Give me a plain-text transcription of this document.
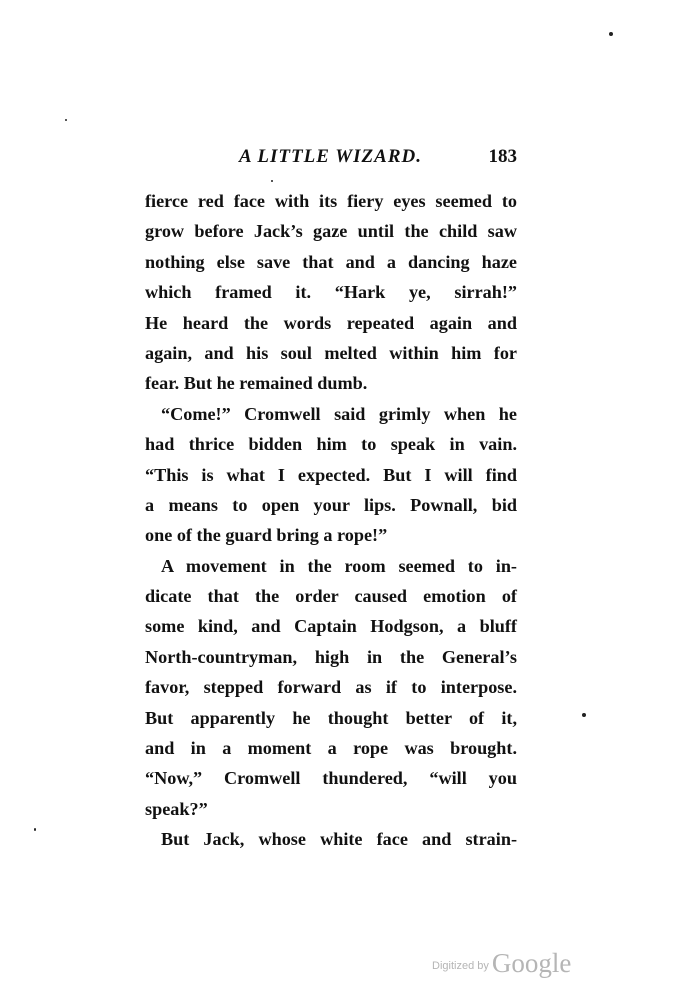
A LITTLE WIZARD.	183
fierce red face with its fiery eyes seemed to
grow before Jack’s gaze until the child saw
nothing else save that and a dancing haze
which framed it. “Hark ye, sirrah!”
He heard the words repeated again and
again, and his soul melted within him for
fear. But he remained dumb.
“Come!” Cromwell said grimly when he
had thrice bidden him to speak in vain.
“This is what I expected. But I will find
a means to open your lips. Pownall, bid
one of the guard bring a rope!”
A movement in the room seemed to in-
dicate that the order caused emotion of
some kind, and Captain Hodgson, a bluff
North-countryman, high in the General’s
favor, stepped forward as if to interpose.
But apparently he thought better of it,
and in a moment a rope was brought.
“Now,” Cromwell thundered, “will you
speak?”
But Jack, whose white face and strain-
Digitized by Google
